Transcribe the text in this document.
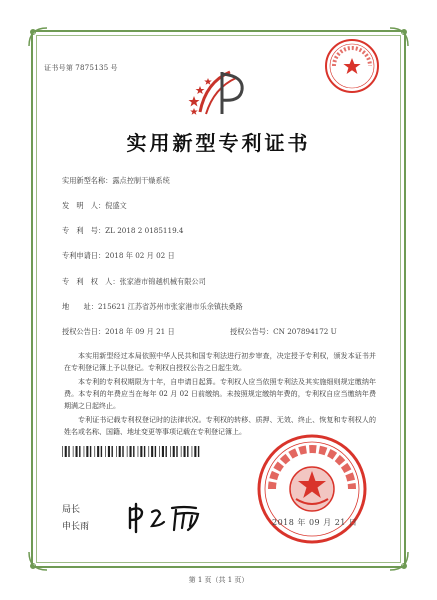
证书号第 7875135 号
实用新型专利证书
实用新型名称：露点控制干燥系统
发　明　人：倪盛文
专　利　号：ZL 2018 2 0185119.4
专利申请日：2018 年 02 月 02 日
专　利　权　人：张家港市锦越机械有限公司
地　　址：215621 江苏省苏州市张家港市乐余镇扶桑路
授权公告日：2018 年 09 月 21 日	授权公告号：CN 207894172 U
本实用新型经过本局依照中华人民共和国专利法进行初步审查，决定授予专利权，颁发本证书并在专利登记簿上予以登记。专利权自授权公告之日起生效。
本专利的专利权期限为十年，自申请日起算。专利权人应当依照专利法及其实施细则规定缴纳年费。本专利的年费应当在每年 02 月 02 日前缴纳。未按照规定缴纳年费的，专利权自应当缴纳年费期满之日起终止。
专利证书记载专利权登记时的法律状况。专利权的转移、质押、无效、终止、恢复和专利权人的姓名或名称、国籍、地址变更等事项记载在专利登记簿上。
2018 年 09 月 21 日
局长
申长雨
第 1 页（共 1 页）
